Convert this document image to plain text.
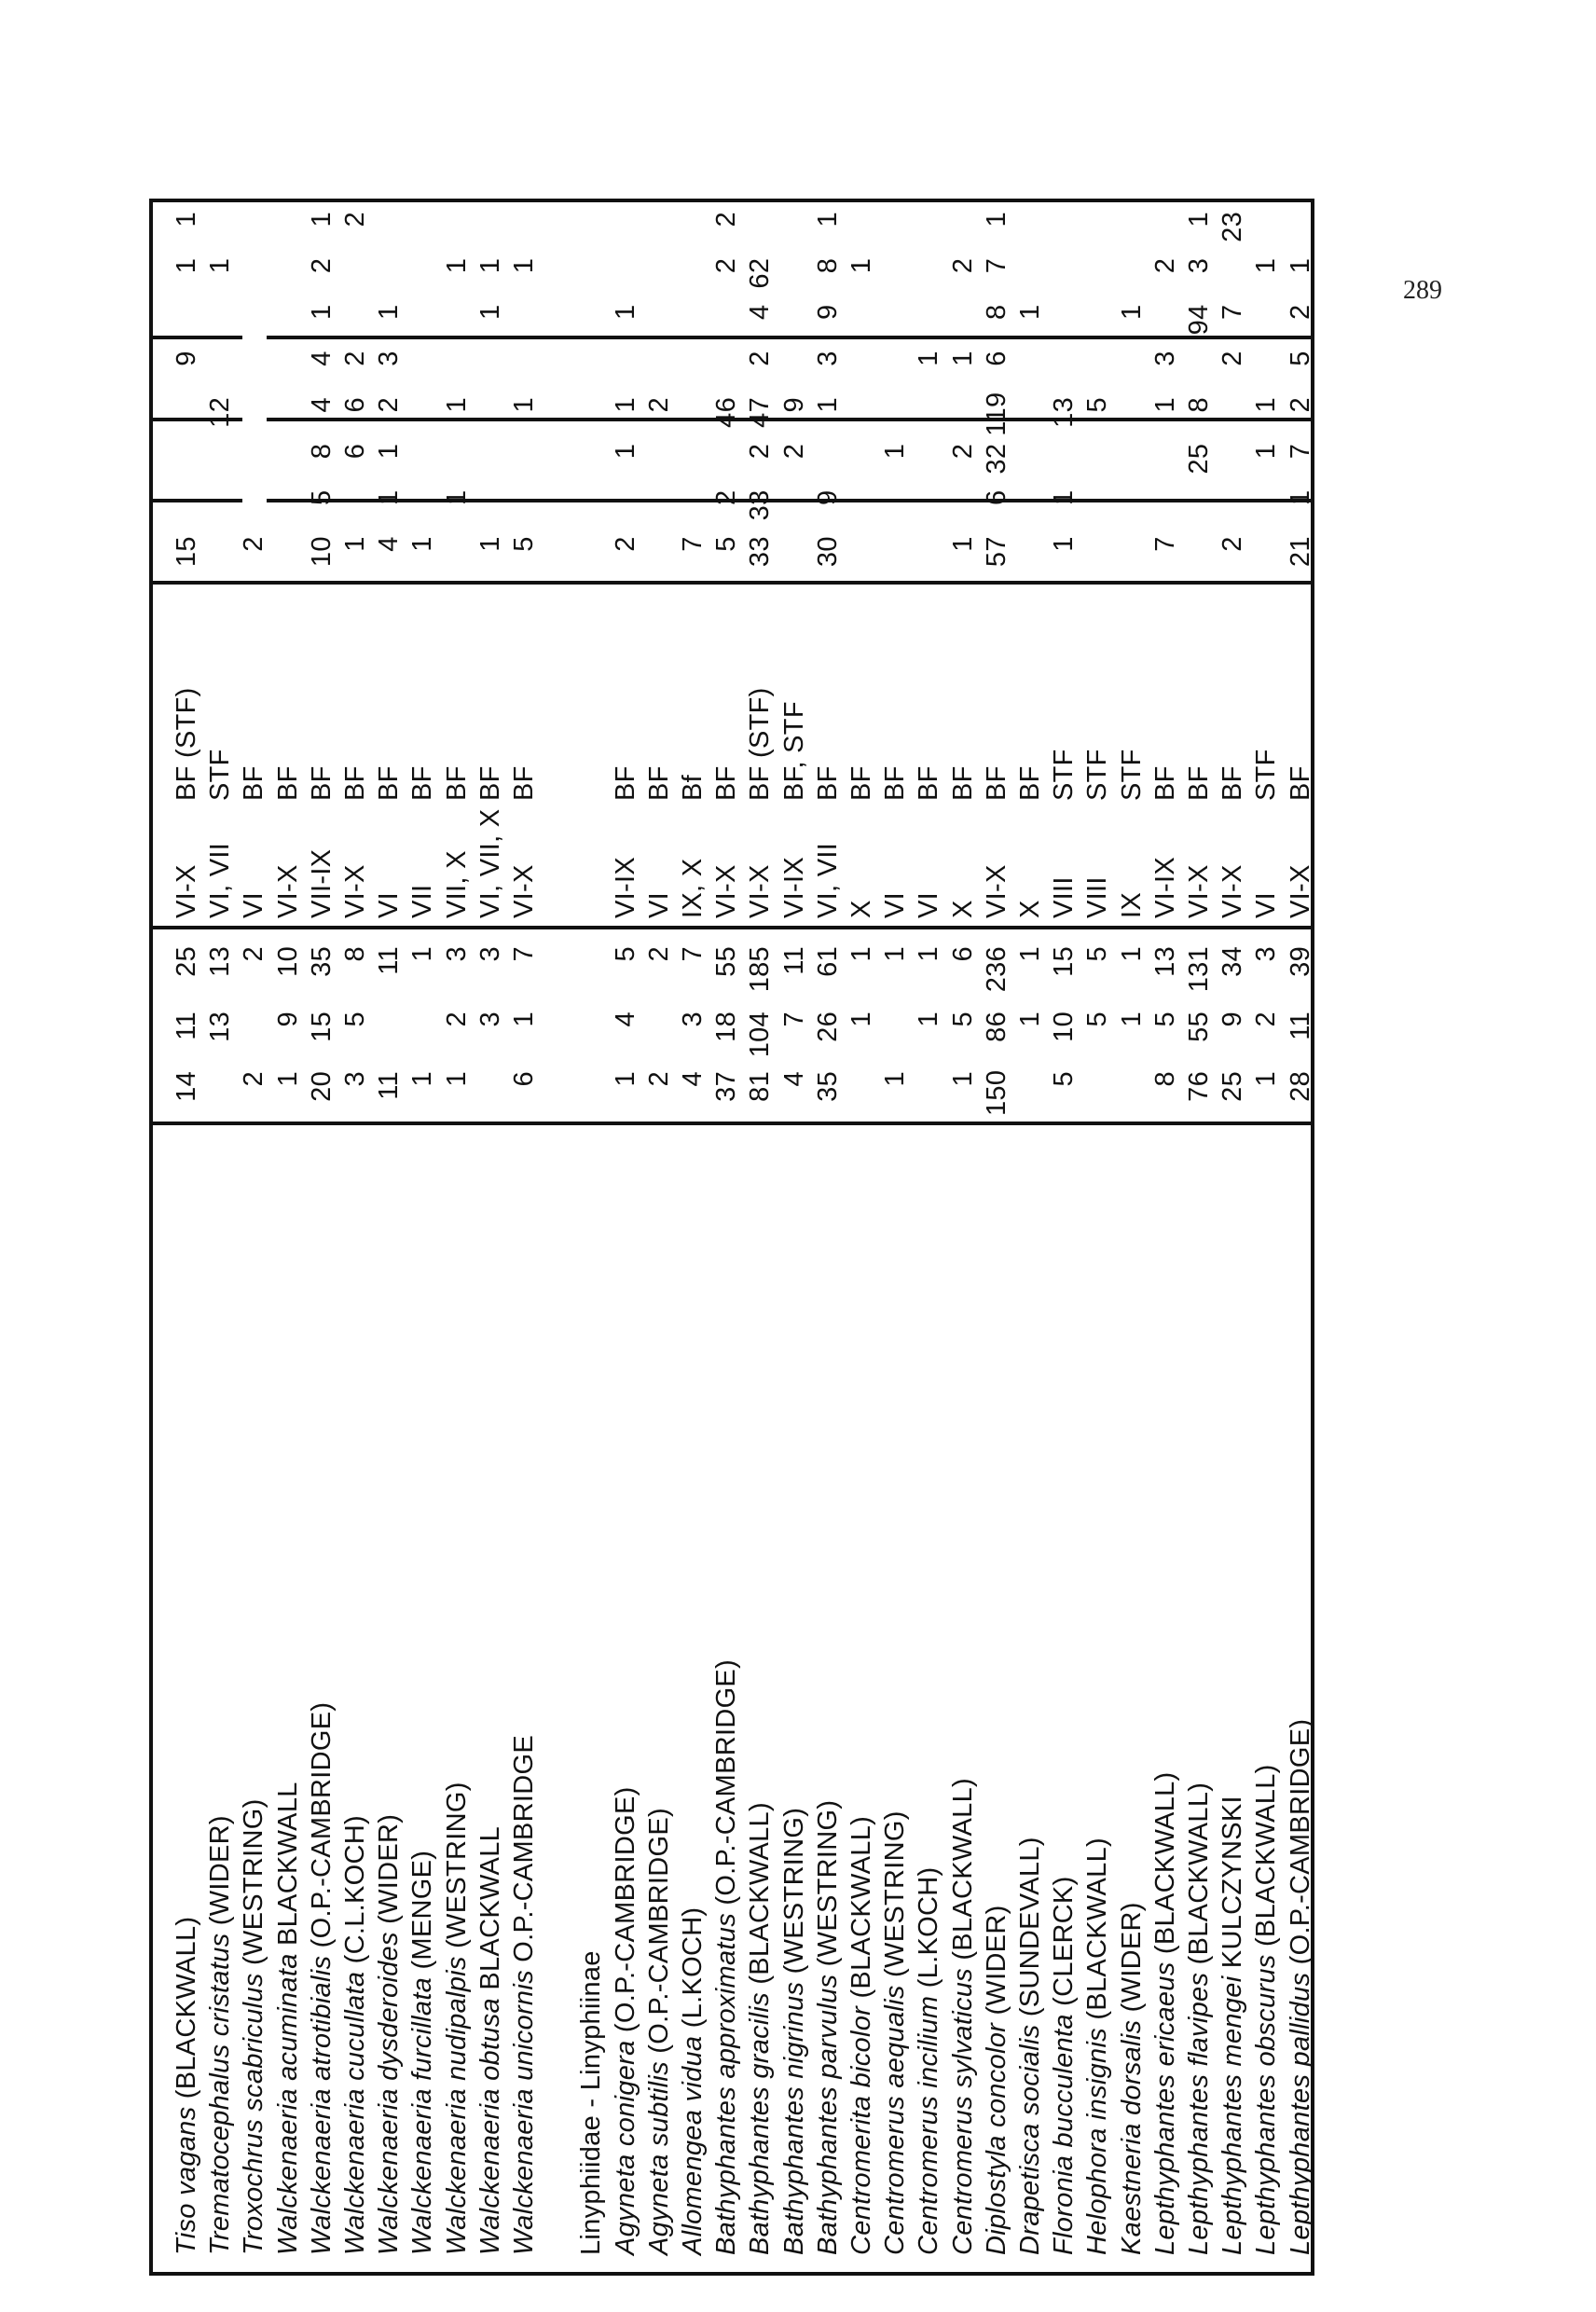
289
Tiso vagans (BLACKWALL)
14
11
25
VI-X
BF (STF)
15
9
1
1
Trematocephalus cristatus (WIDER)
13
13
VI, VII
STF
12
1
Troxochrus scabriculus (WESTRING)
2
2
VI
BF
2
Walckenaeria acuminata BLACKWALL
1
9
10
VI-X
BF
Walckenaeria atrotibialis (O.P.-CAMBRIDGE)
20
15
35
VII-IX
BF
10
5
8
4
4
1
2
1
Walckenaeria cucullata (C.L.KOCH)
3
5
8
VI-X
BF
1
6
6
2
2
Walckenaeria dysderoides (WIDER)
11
11
VI
BF
4
1
1
2
3
1
Walckenaeria furcillata (MENGE)
1
1
VII
BF
1
Walckenaeria nudipalpis (WESTRING)
1
2
3
VII, X
BF
1
1
1
Walckenaeria obtusa BLACKWALL
3
3
VI, VII, X
BF
1
1
1
Walckenaeria unicornis O.P.-CAMBRIDGE
6
1
7
VI-X
BF
5
1
1
Linyphiidae - Linyphiinae Agyneta conigera (O.P.-CAMBRIDGE)
1
4
5
VI-IX
BF
2
1
1
1
Agyneta subtilis (O.P.-CAMBRIDGE)
2
2
VI
BF
2
Allomengea vidua (L.KOCH)
4
3
7
IX, X
Bf
7
Bathyphantes approximatus (O.P.-CAMBRIDGE)
37
18
55
VI-X
BF
5
2
46
2
2
Bathyphantes gracilis (BLACKWALL)
81
104
185
VI-X
BF (STF)
33
33
2
47
2
4
62
Bathyphantes nigrinus (WESTRING)
4
7
11
VI-IX
BF, STF
2
9
Bathyphantes parvulus (WESTRING)
35
26
61
VI, VII
BF
30
9
1
3
9
8
1
Centromerita bicolor (BLACKWALL)
1
1
X
BF
1
Centromerus aequalis (WESTRING)
1
1
VI
BF
1
Centromerus incilium (L.KOCH)
1
1
VI
BF
1
Centromerus sylvaticus (BLACKWALL)
1
5
6
X
BF
1
2
1
2
Diplostyla concolor (WIDER)
150
86
236
VI-X
BF
57
6
32
119
6
8
7
1
Drapetisca socialis (SUNDEVALL)
1
1
X
BF
1
Floronia bucculenta (CLERCK)
5
10
15
VIII
STF
1
1
13
Helophora insignis (BLACKWALL)
5
5
VIII
STF
5
Kaestneria dorsalis (WIDER)
1
1
IX
STF
1
Lepthyphantes ericaeus (BLACKWALL)
8
5
13
VI-IX
BF
7
1
3
2
Lepthyphantes flavipes (BLACKWALL)
76
55
131
VI-X
BF
25
8
94
3
1
Lepthyphantes mengei KULCZYNSKI
25
9
34
VI-X
BF
2
2
7
23
Lepthyphantes obscurus (BLACKWALL)
1
2
3
VI
STF
1
1
1
Lepthyphantes pallidus (O.P.-CAMBRIDGE)
28
11
39
VI-X
BF
21
1
7
2
5
2
1
